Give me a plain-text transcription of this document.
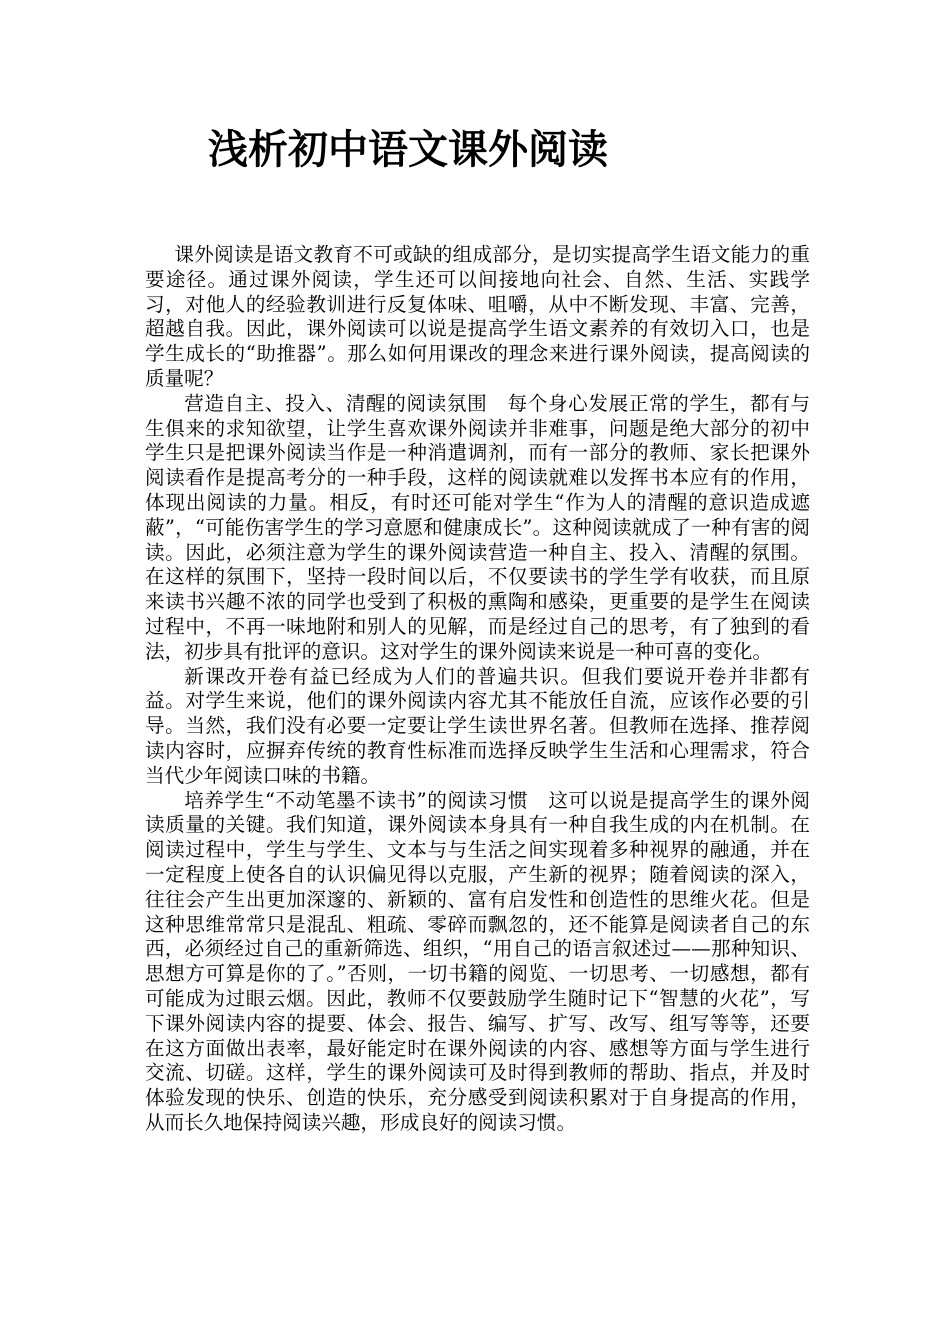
浅析初中语文课外阅读

课外阅读是语文教育不可或缺的组成部分，是切实提高学生语文能力的重要途径。通过课外阅读，学生还可以间接地向社会、自然、生活、实践学习，对他人的经验教训进行反复体味、咀嚼，从中不断发现、丰富、完善，超越自我。因此，课外阅读可以说是提高学生语文素养的有效切入口，也是学生成长的“助推器”。那么如何用课改的理念来进行课外阅读，提高阅读的质量呢？

营造自主、投入、清醒的阅读氛围　每个身心发展正常的学生，都有与生俱来的求知欲望，让学生喜欢课外阅读并非难事，问题是绝大部分的初中学生只是把课外阅读当作是一种消遣调剂，而有一部分的教师、家长把课外阅读看作是提高考分的一种手段，这样的阅读就难以发挥书本应有的作用，体现出阅读的力量。相反，有时还可能对学生“作为人的清醒的意识造成遮蔽”，“可能伤害学生的学习意愿和健康成长”。这种阅读就成了一种有害的阅读。因此，必须注意为学生的课外阅读营造一种自主、投入、清醒的氛围。在这样的氛围下，坚持一段时间以后，不仅要读书的学生学有收获，而且原来读书兴趣不浓的同学也受到了积极的熏陶和感染，更重要的是学生在阅读过程中，不再一味地附和别人的见解，而是经过自己的思考，有了独到的看法，初步具有批评的意识。这对学生的课外阅读来说是一种可喜的变化。

新课改开卷有益已经成为人们的普遍共识。但我们要说开卷并非都有益。对学生来说，他们的课外阅读内容尤其不能放任自流，应该作必要的引导。当然，我们没有必要一定要让学生读世界名著。但教师在选择、推荐阅读内容时，应摒弃传统的教育性标准而选择反映学生生活和心理需求，符合当代少年阅读口味的书籍。

培养学生“不动笔墨不读书”的阅读习惯　这可以说是提高学生的课外阅读质量的关键。我们知道，课外阅读本身具有一种自我生成的内在机制。在阅读过程中，学生与学生、文本与与生活之间实现着多种视界的融通，并在一定程度上使各自的认识偏见得以克服，产生新的视界；随着阅读的深入，往往会产生出更加深邃的、新颖的、富有启发性和创造性的思维火花。但是这种思维常常只是混乱、粗疏、零碎而飘忽的，还不能算是阅读者自己的东西，必须经过自己的重新筛选、组织，“用自己的语言叙述过——那种知识、思想方可算是你的了。”否则，一切书籍的阅览、一切思考、一切感想，都有可能成为过眼云烟。因此，教师不仅要鼓励学生随时记下“智慧的火花”，写下课外阅读内容的提要、体会、报告、编写、扩写、改写、组写等等，还要在这方面做出表率，最好能定时在课外阅读的内容、感想等方面与学生进行交流、切磋。这样，学生的课外阅读可及时得到教师的帮助、指点，并及时体验发现的快乐、创造的快乐，充分感受到阅读积累对于自身提高的作用，从而长久地保持阅读兴趣，形成良好的阅读习惯。
